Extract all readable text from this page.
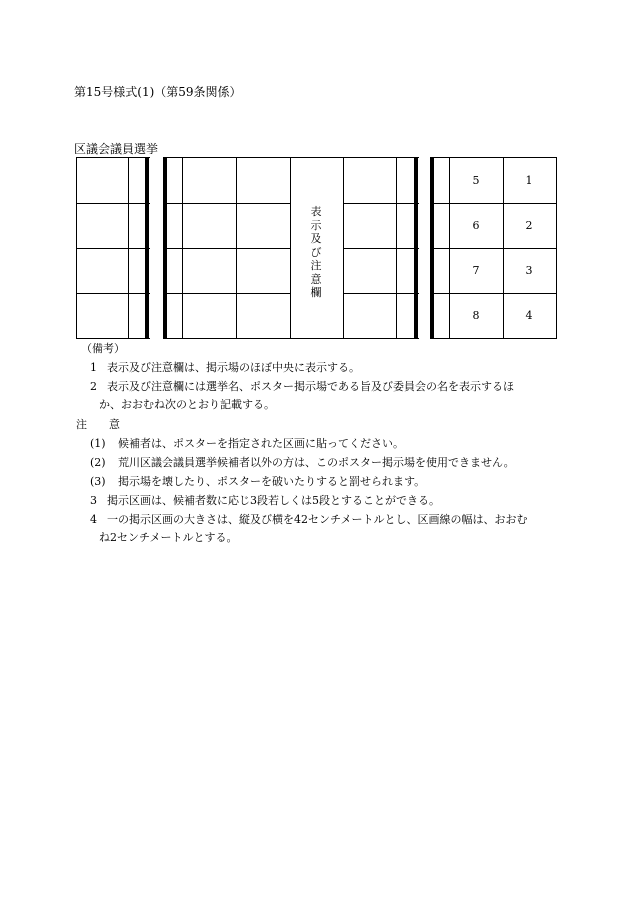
第15号様式(1)（第59条関係）
区議会議員選挙
表
示
及
び
注
意
欄
5
6
7
8
1
2
3
4
（備考）
1 表示及び注意欄は、掲示場のほぼ中央に表示する。
2 表示及び注意欄には選挙名、ポスター掲示場である旨及び委員会の名を表示するほ
か、おおむね次のとおり記載する。
注　　意
(1) 候補者は、ポスターを指定された区画に貼ってください。
(2) 荒川区議会議員選挙候補者以外の方は、このポスター掲示場を使用できません。
(3) 掲示場を壊したり、ポスターを破いたりすると罰せられます。
3 掲示区画は、候補者数に応じ3段若しくは5段とすることができる。
4 一の掲示区画の大きさは、縦及び横を42センチメートルとし、区画線の幅は、おおむ
ね2センチメートルとする。
